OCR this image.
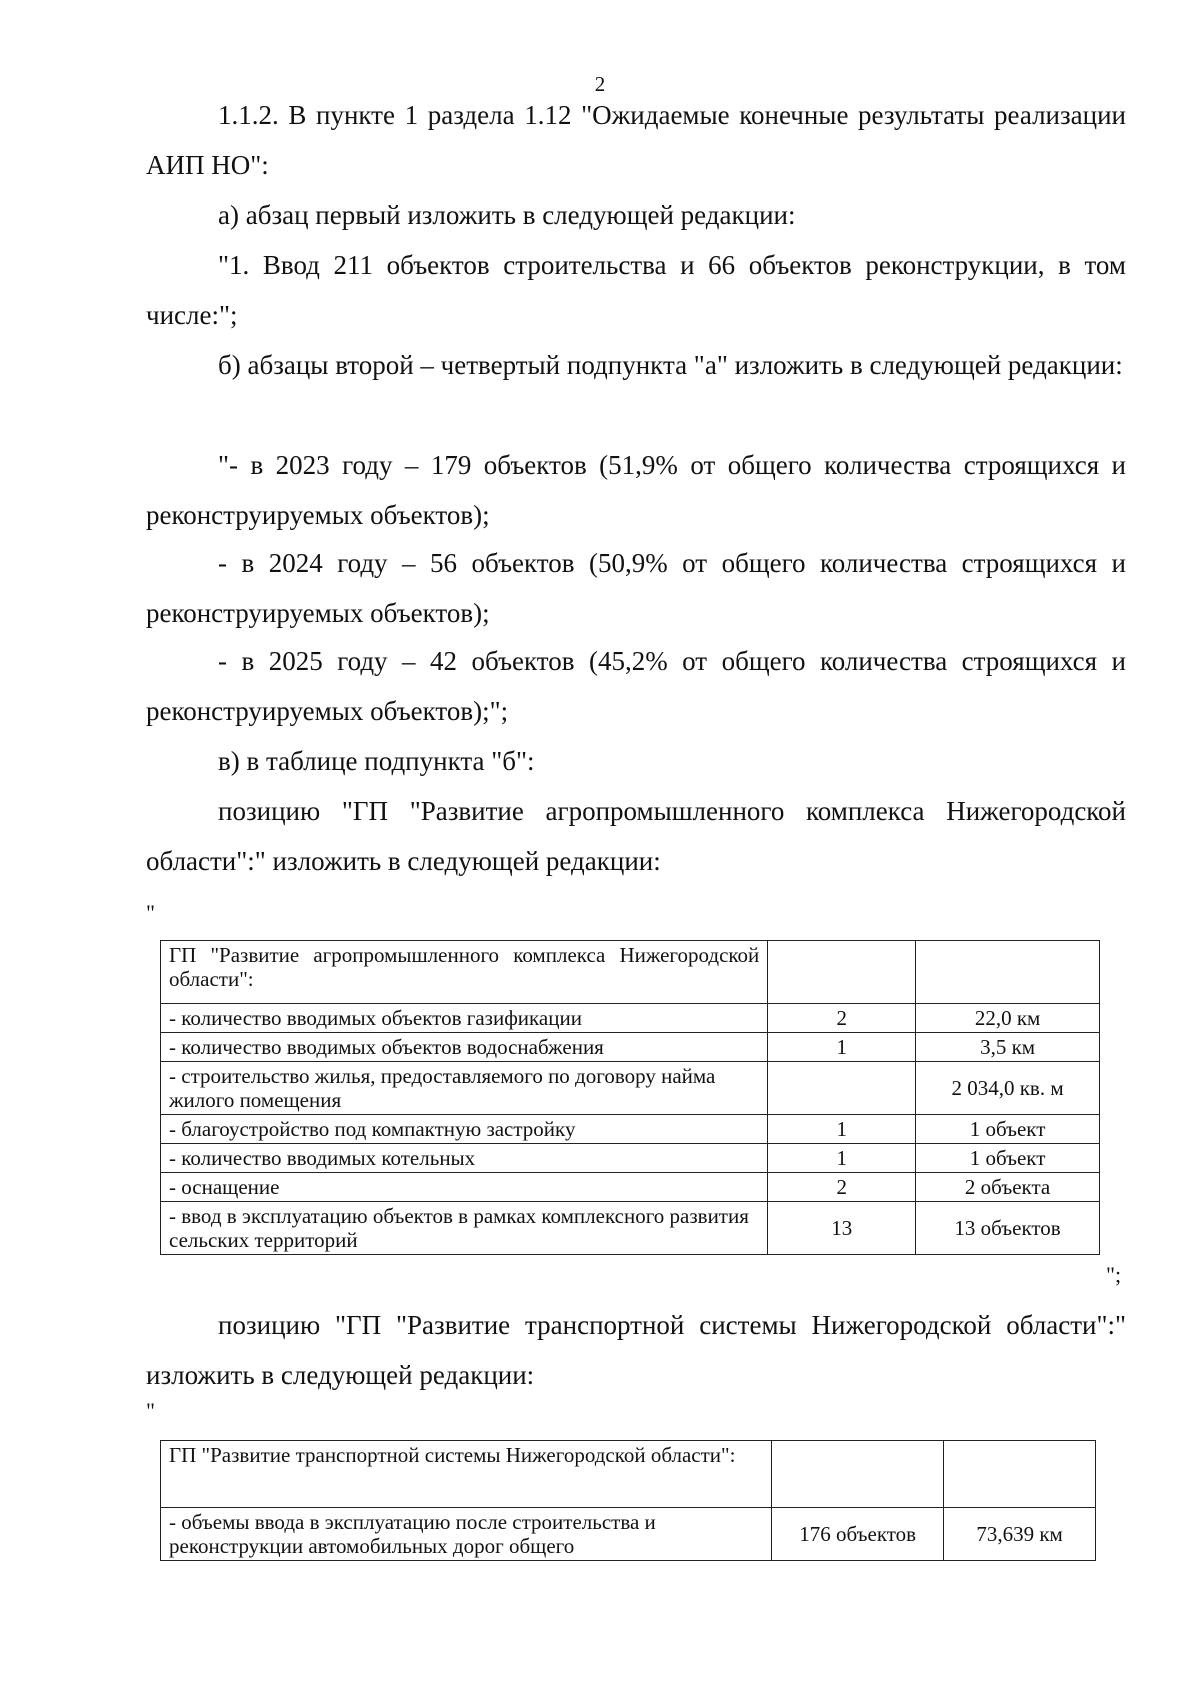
2

1.1.2. В пункте 1 раздела 1.12 "Ожидаемые конечные результаты реализации АИП НО":

а) абзац первый изложить в следующей редакции:

"1. Ввод 211 объектов строительства и 66 объектов реконструкции, в том числе:";

б) абзацы второй – четвертый подпункта "а" изложить в следующей редакции:

"- в 2023 году – 179 объектов (51,9% от общего количества строящихся и реконструируемых объектов);

- в 2024 году – 56 объектов (50,9% от общего количества строящихся и реконструируемых объектов);

- в 2025 году – 42 объектов (45,2% от общего количества строящихся и реконструируемых объектов);";

в) в таблице подпункта "б":

позицию "ГП "Развитие агропромышленного комплекса Нижегородской области":" изложить в следующей редакции:

"
ГП "Развитие агропромышленного комплекса Нижегородской области":		

- количество вводимых объектов газификации	2	22,0 км
- количество вводимых объектов водоснабжения	1	3,5 км
- строительство жилья, предоставляемого по договору найма жилого помещения		2 034,0 кв. м
- благоустройство под компактную застройку	1	1 объект
- количество вводимых котельных	1	1 объект
- оснащение	2	2 объекта
- ввод в эксплуатацию объектов в рамках комплексного развития сельских территорий	13	13 объектов
";

позицию "ГП "Развитие транспортной системы Нижегородской области":" изложить в следующей редакции:

"
ГП "Развитие транспортной системы Нижегородской области":		
- объемы ввода в эксплуатацию после строительства и реконструкции автомобильных дорог общего	176 объектов	73,639 км
